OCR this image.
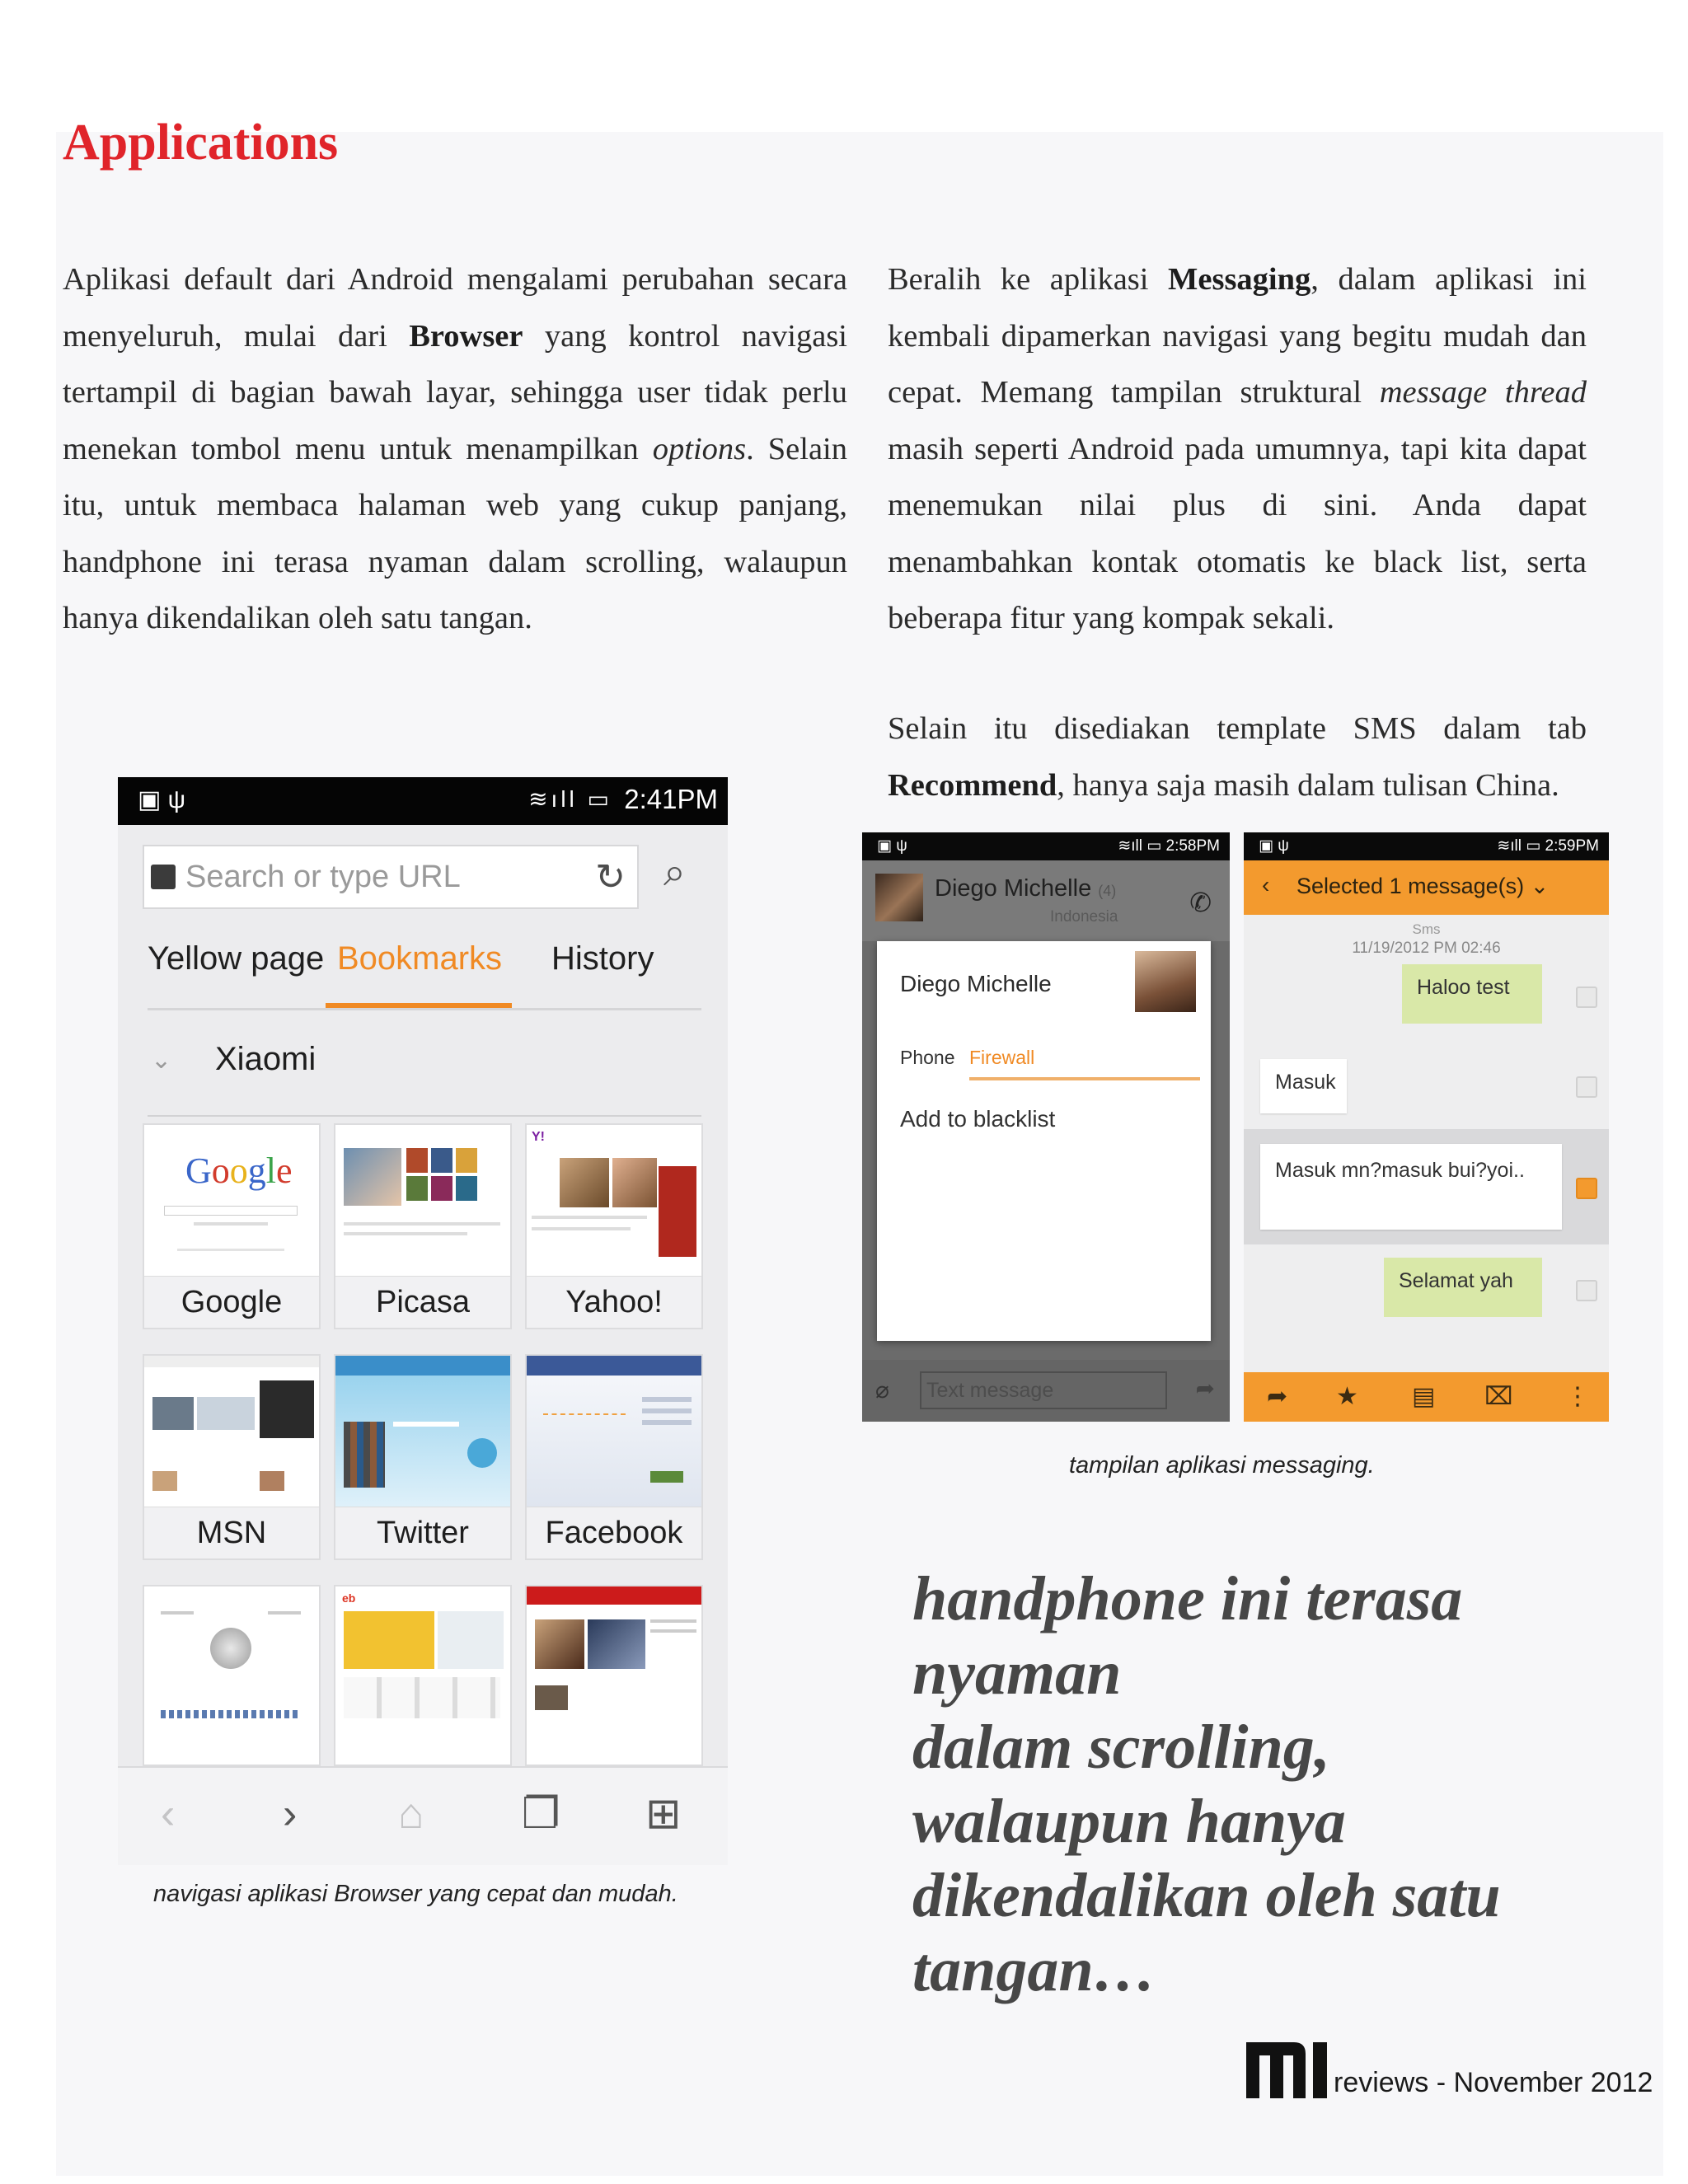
Applications
Aplikasi default dari Android mengalami perubahan secara menyeluruh, mulai dari Browser yang kontrol navigasi tertampil di bagian bawah layar, sehingga user tidak perlu menekan tombol menu untuk menampilkan options. Selain itu, untuk membaca halaman web yang cukup panjang, handphone ini terasa nyaman dalam scrolling, walaupun hanya dikendalikan oleh satu tangan.
Beralih ke aplikasi Messaging, dalam aplikasi ini kembali dipamerkan navigasi yang begitu mudah dan cepat. Memang tampilan struktural message thread masih seperti Android pada umumnya, tapi kita dapat menemukan nilai plus di sini. Anda dapat menambahkan kontak otomatis ke black list, serta beberapa fitur yang kompak sekali.
Selain itu disediakan template SMS dalam tab Recommend, hanya saja masih dalam tulisan China.
▣ ψ	≋ıll ▭ 2:41PM
Search or type URL	↻ ⌕
Yellow page Bookmarks History
⌄ Xiaomi
Google
Google	Picasa
Y!
Yahoo!
MSN	Twitter	Facebook
eb
‹	› ⌂ ❐ ⊞
navigasi aplikasi Browser yang cepat dan mudah.
▣ ψ	≋ıll ▭ 2:58PM
Diego Michelle (4)
Indonesia	✆
Diego Michelle
Phone Firewall
Add to blacklist
⌀	Text message	➦
▣ ψ	≋ıll ▭ 2:59PM
‹ Selected 1 message(s) ⌄
Sms
11/19/2012 PM 02:46
Haloo test
Masuk
Masuk mn?masuk bui?yoi..
Selamat yah
➦ ★ ▤ ⌧ ⋮
tampilan aplikasi messaging.
handphone ini terasa
nyaman
dalam scrolling,
walaupun hanya
dikendalikan oleh satu
tangan…
reviews - November 2012
